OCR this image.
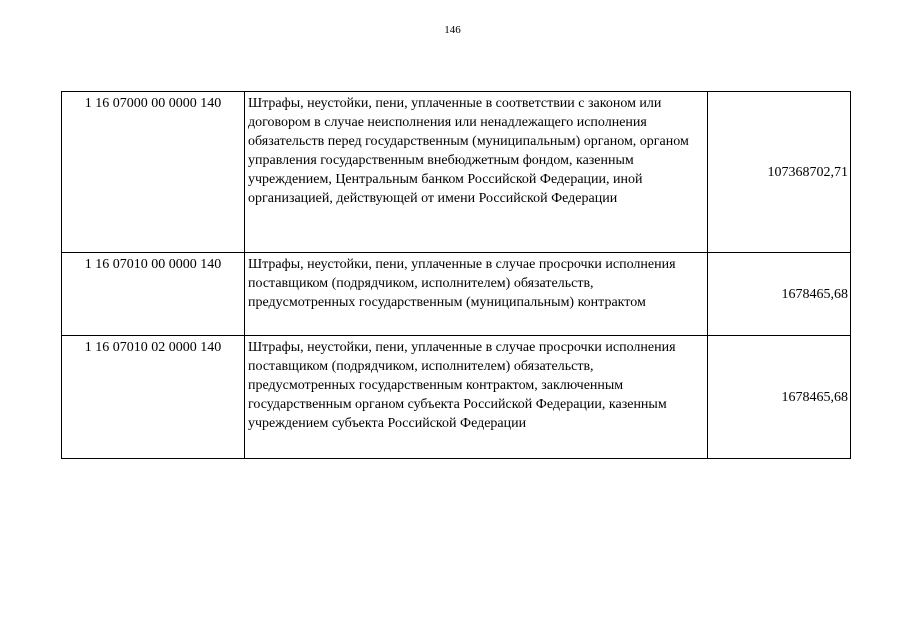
146
1 16 07000 00 0000 140	Штрафы, неустойки, пени, уплаченные в соответствии с законом или договором в случае неисполнения или ненадлежащего исполнения обязательств перед государственным (муниципальным) органом, органом управления государственным внебюджетным фондом, казенным учреждением, Центральным банком Российской Федерации, иной организацией, действующей от имени Российской Федерации	107368702,71
1 16 07010 00 0000 140	Штрафы, неустойки, пени, уплаченные в случае просрочки исполнения поставщиком (подрядчиком, исполнителем) обязательств, предусмотренных государственным (муниципальным) контрактом	1678465,68
1 16 07010 02 0000 140	Штрафы, неустойки, пени, уплаченные в случае просрочки исполнения поставщиком (подрядчиком, исполнителем) обязательств, предусмотренных государственным контрактом, заключенным государственным органом субъекта Российской Федерации, казенным учреждением субъекта Российской Федерации	1678465,68
